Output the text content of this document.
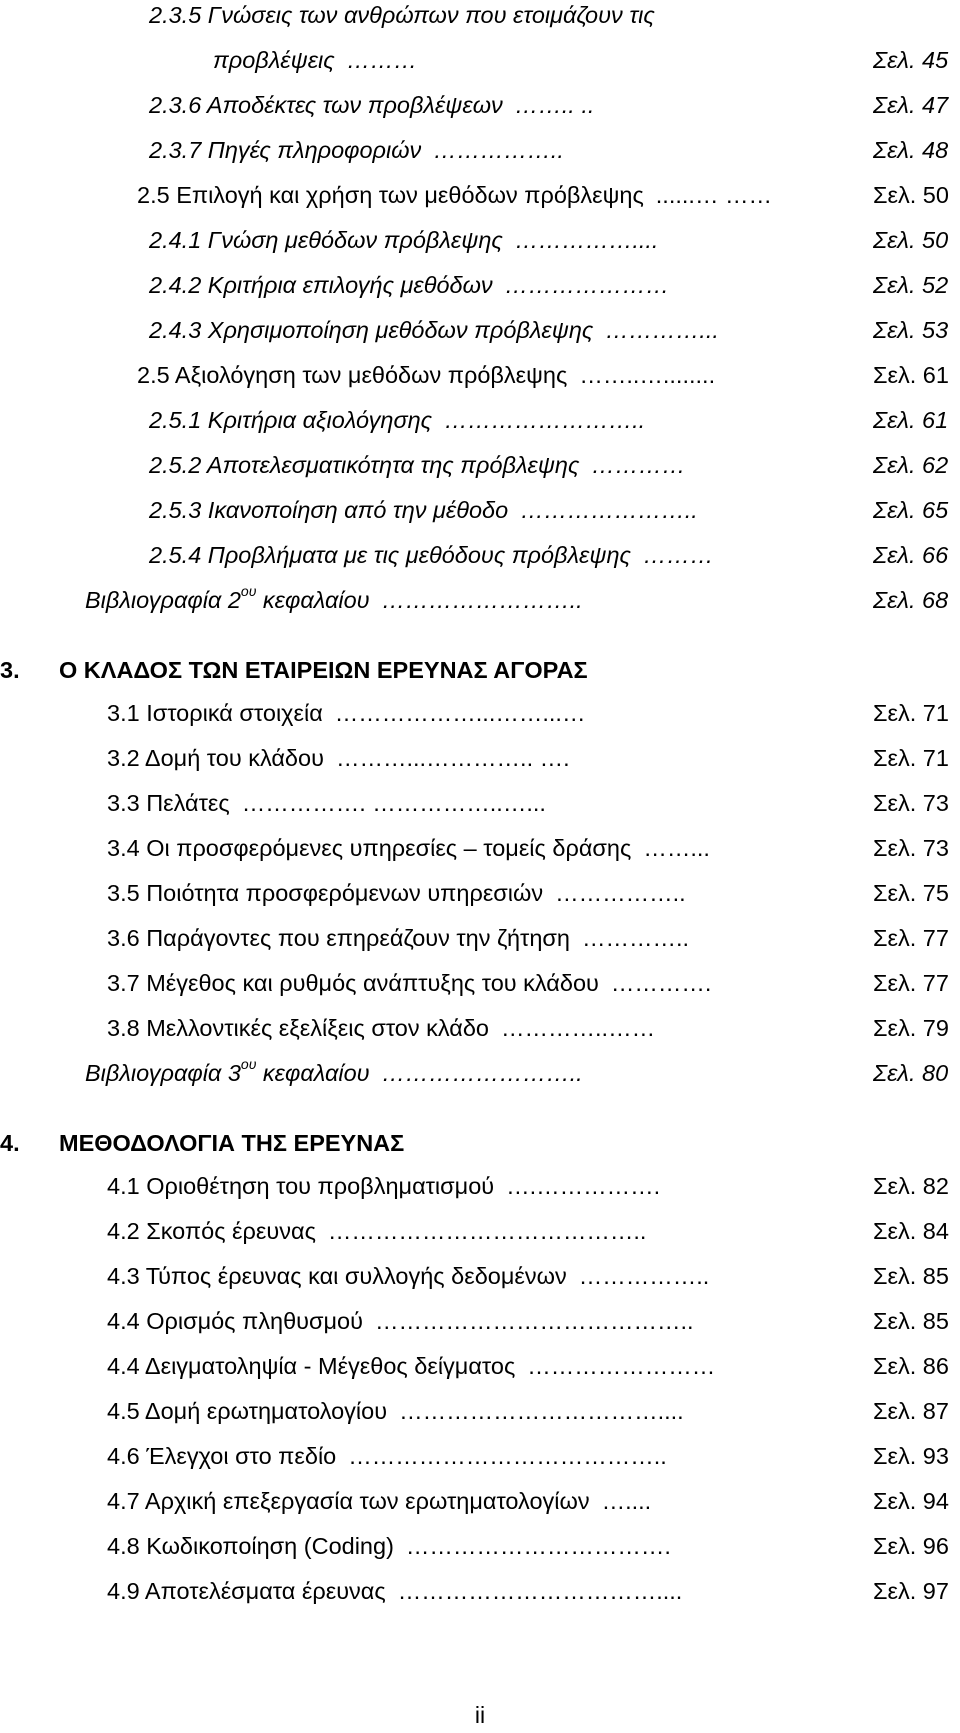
2.3.5 Γνώσεις των ανθρώπων που ετοιμάζουν τις
προβλέψεις ………	Σελ. 45
2.3.6 Αποδέκτες των προβλέψεων …….. ..	Σελ. 47
2.3.7 Πηγές πληροφοριών ……………..	Σελ. 48
2.5 Επιλογή και χρήση των μεθόδων πρόβλεψης ......… ……	Σελ. 50
2.4.1 Γνώση μεθόδων πρόβλεψης ……………....	Σελ. 50
2.4.2 Κριτήρια επιλογής μεθόδων …………………	Σελ. 52
2.4.3 Χρησιμοποίηση μεθόδων πρόβλεψης …………...	Σελ. 53
2.5 Αξιολόγηση των μεθόδων πρόβλεψης ……..…........	Σελ. 61
2.5.1 Κριτήρια αξιολόγησης ……………………..	Σελ. 61
2.5.2 Αποτελεσματικότητα της πρόβλεψης …………	Σελ. 62
2.5.3 Ικανοποίηση από την μέθοδο …………………..	Σελ. 65
2.5.4 Προβλήματα με τις μεθόδους πρόβλεψης ………	Σελ. 66
Βιβλιογραφία $2^{o\upsilon}$ κεφαλαίου ……………………..	Σελ. 68
3. Ο ΚΛΑΔΟΣ ΤΩΝ ΕΤΑΙΡΕΙΩΝ ΕΡΕΥΝΑΣ ΑΓΟΡΑΣ
3.1 Ιστορικά στοιχεία ………………...……...…	Σελ. 71
3.2 Δομή του κλάδου ………...………….. ….	Σελ. 71
3.3 Πελάτες ……………. ……………..…...	Σελ. 73
3.4 Οι προσφερόμενες υπηρεσίες – τομείς δράσης ……...	Σελ. 73
3.5 Ποιότητα προσφερόμενων υπηρεσιών ……………..	Σελ. 75
3.6 Παράγοντες που επηρεάζουν την ζήτηση …………..	Σελ. 77
3.7 Μέγεθος και ρυθμός ανάπτυξης του κλάδου ………….	Σελ. 77
3.8 Μελλοντικές εξελίξεις στον κλάδο …………..……	Σελ. 79
Βιβλιογραφία $3^{o\upsilon}$ κεφαλαίου ……………………..	Σελ. 80
4. ΜΕΘΟΔΟΛΟΓΙΑ ΤΗΣ ΕΡΕΥΝΑΣ
4.1 Οριοθέτηση του προβληματισμού ….…………….	Σελ. 82
4.2 Σκοπός έρευνας …………………………………..	Σελ. 84
4.3 Τύπος έρευνας και συλλογής δεδομένων ……………..	Σελ. 85
4.4 Ορισμός πληθυσμού …………………………………..	Σελ. 85
4.4 Δειγματοληψία - Μέγεθος δείγματος ……………………	Σελ. 86
4.5 Δομή ερωτηματολογίου ……………………………....	Σελ. 87
4.6 Έλεγχοι στο πεδίο …………………………………..	Σελ. 93
4.7 Αρχική επεξεργασία των ερωτηματολογίων …....	Σελ. 94
4.8 Κωδικοποίηση (Coding) …………………………….	Σελ. 96
4.9 Αποτελέσματα έρευνας ……………………………....	Σελ. 97
ii
